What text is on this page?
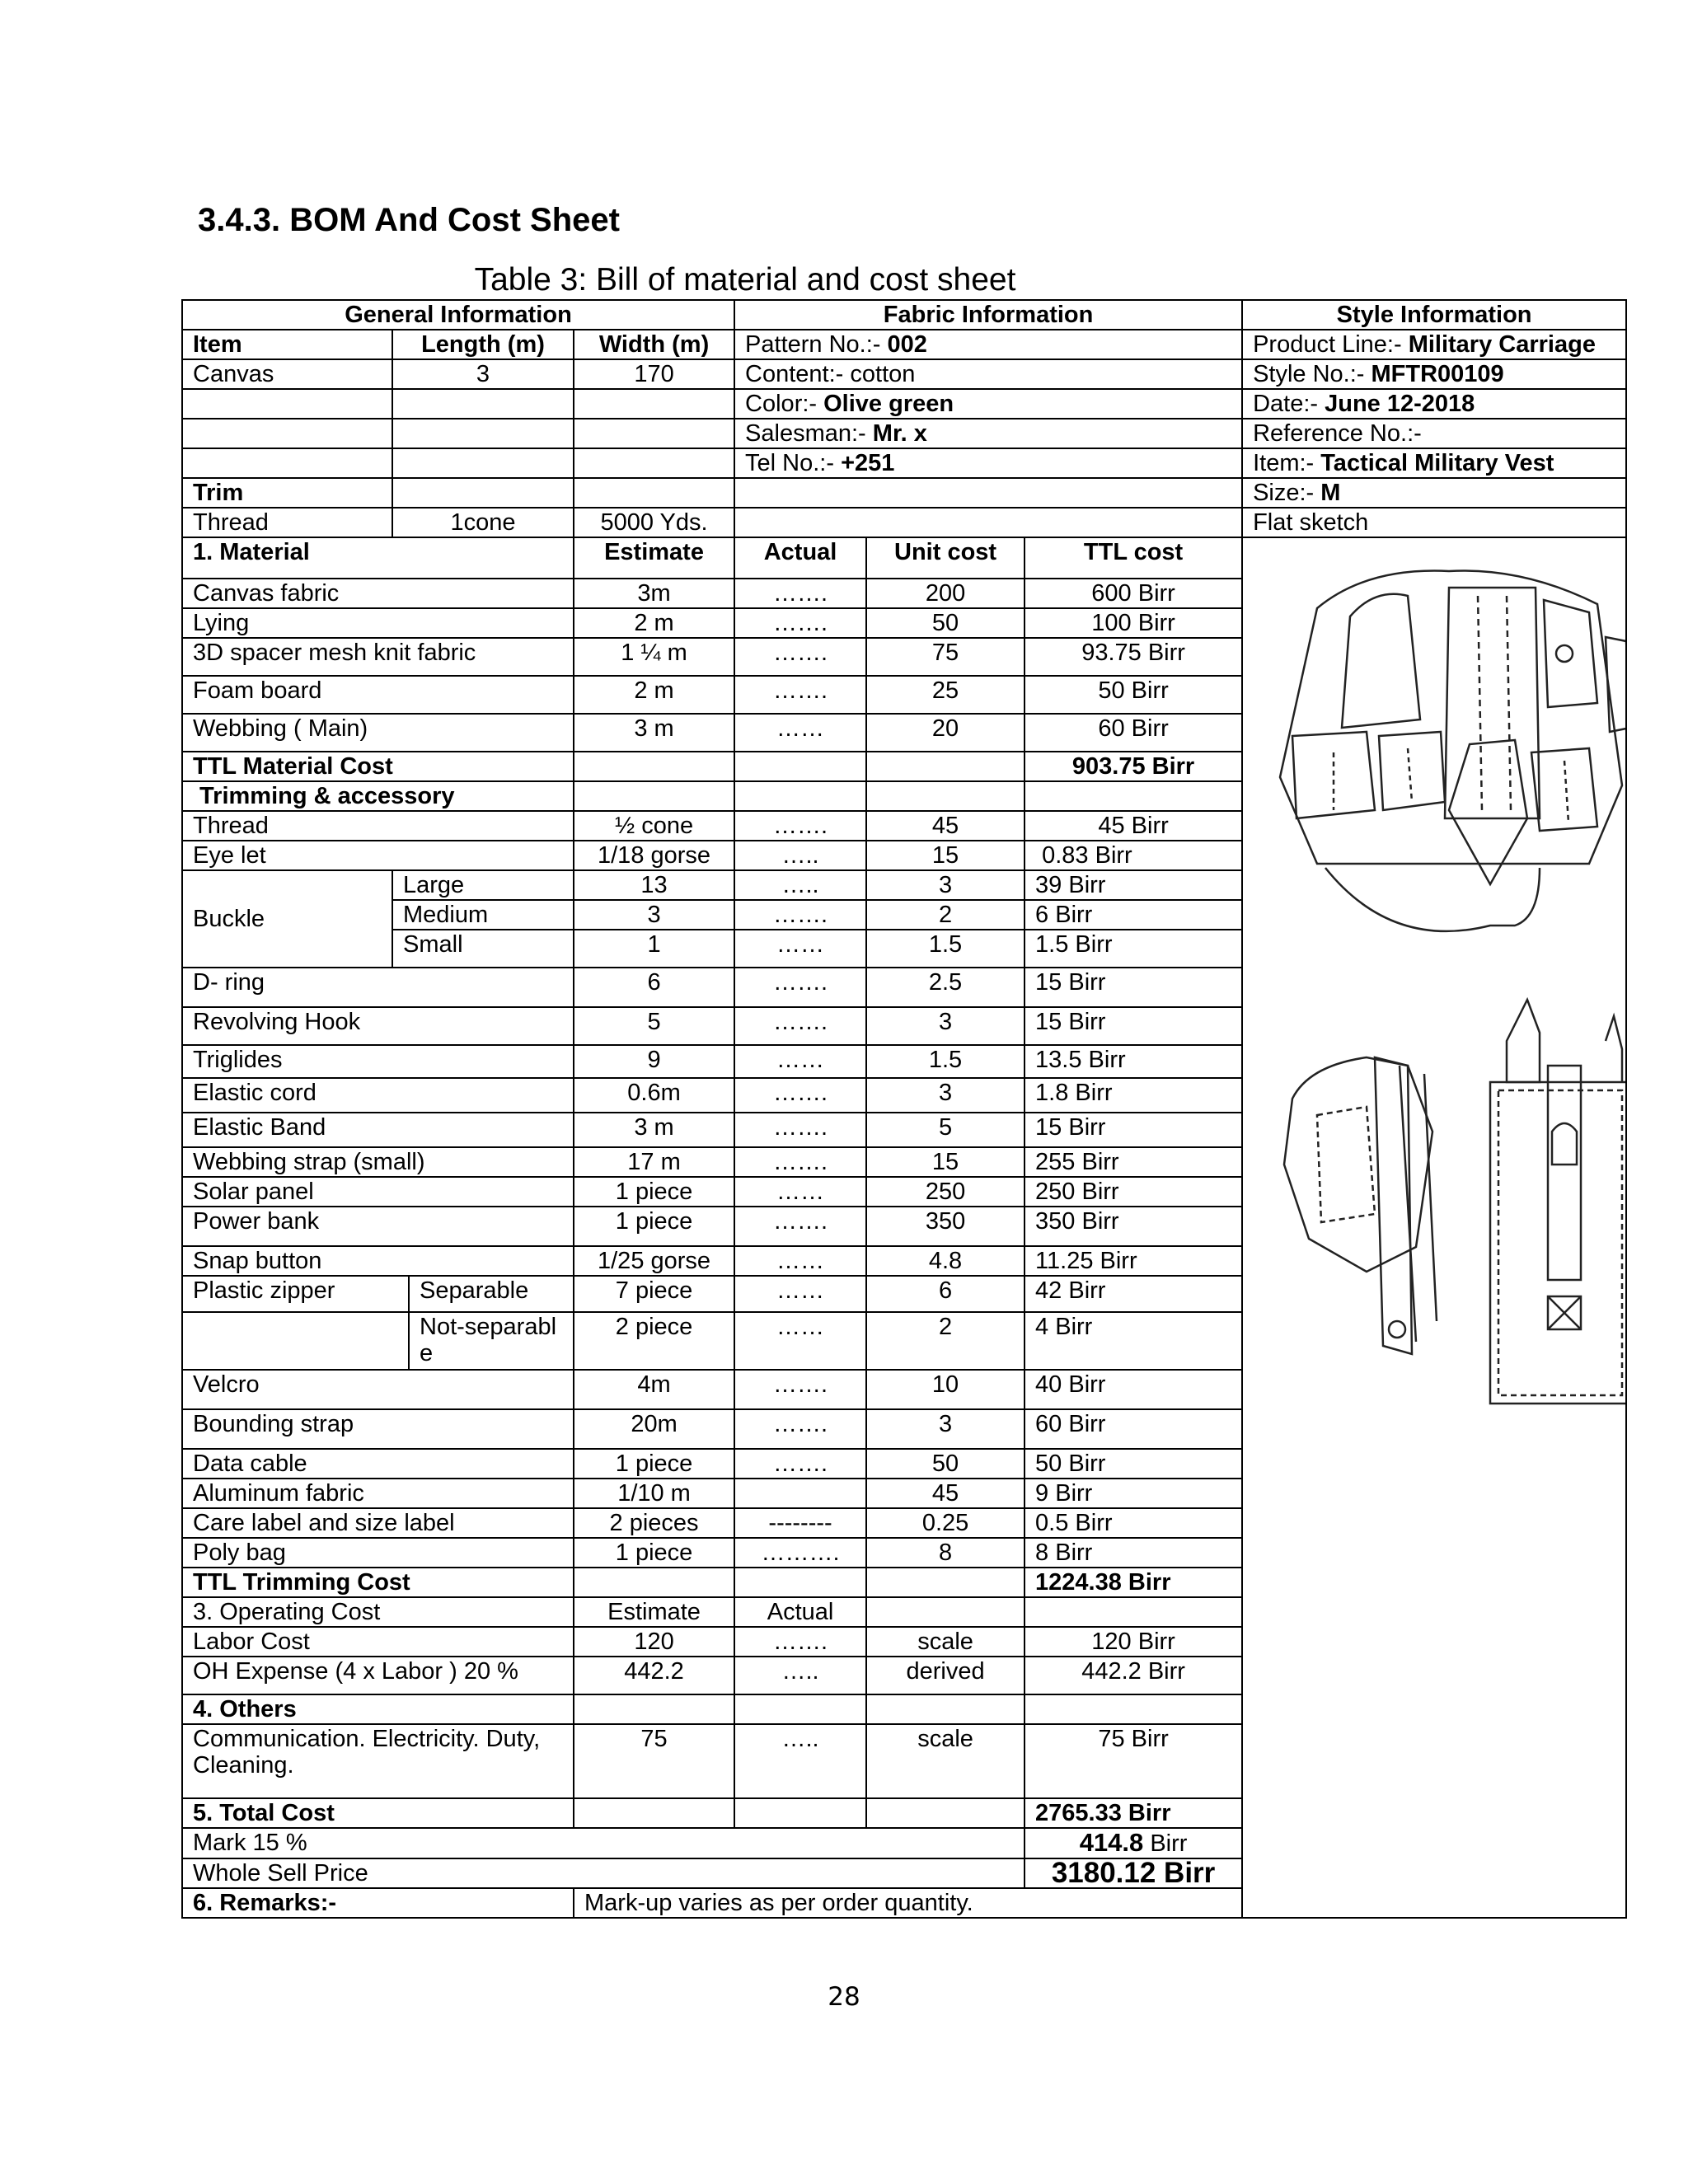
3.4.3. BOM And Cost Sheet
Table 3: Bill of material and cost sheet
General Information				Fabric Information			Style Information	
Item	Length (m)		Width (m)	Pattern No.:- 002			Product Line:- Military Carriage	
Canvas	3		170	Content:- cotton			Style No.:- MFTR00109	
				Color:- Olive green			Date:- June 12-2018	
				Salesman:- Mr. x			Reference No.:-	
				Tel No.:- +251			Item:- Tactical Military Vest	
Trim							Size:- M	
Thread	1cone		5000 Yds.				Flat sketch	
1. Material			Estimate	Actual	Unit cost	TTL cost	

Canvas fabric			3m	…….	200	600 Birr		
Lying			2 m	…….	50	100 Birr		
3D spacer mesh knit fabric			1 ¼ m	…….	75	93.75 Birr		
Foam board			2 m	…….	25	50 Birr		
Webbing ( Main)			3 m	……	20	60 Birr		
TTL Material Cost						903.75 Birr		
Trimming & accessory								
Thread			½ cone	…….	45	45 Birr		
Eye let			1/18 gorse	…..	15	0.83 Birr		
Buckle	Large		13	…..	3	39 Birr		
	Medium		3	…….	2	6 Birr		
	Small		1	……	1.5	1.5 Birr		
D- ring			6	…….	2.5	15 Birr		
Revolving Hook			5	…….	3	15 Birr		
Triglides			9	……	1.5	13.5 Birr		
Elastic cord			0.6m	…….	3	1.8 Birr		
Elastic Band			3 m	…….	5	15 Birr		
Webbing strap (small)			17 m	…….	15	255 Birr		
Solar panel			1 piece	……	250	250 Birr		
Power bank			1 piece	…….	350	350 Birr		
Snap button			1/25 gorse	……	4.8	11.25 Birr		
Plastic zipper		Separable	7 piece	……	6	42 Birr		
		Not-separable	2 piece	……	2	4 Birr		
Velcro			4m	…….	10	40 Birr		
Bounding strap			20m	…….	3	60 Birr		
Data cable			1 piece	…….	50	50 Birr		
Aluminum fabric			1/10 m		45	9 Birr		
Care label and size label			2 pieces	--------	0.25	0.5 Birr		
Poly bag			1 piece	……….	8	8 Birr		
TTL Trimming Cost						1224.38 Birr		
3. Operating Cost			Estimate	Actual				
Labor Cost			120	…….	scale	120 Birr		
OH Expense (4 x Labor ) 20 %			442.2	…..	derived	442.2 Birr		
4. Others								
Communication. Electricity. Duty, Cleaning.			75	…..	scale	75 Birr		
5. Total Cost						2765.33 Birr		
Mark 15 %						414.8 Birr		
Whole Sell Price						3180.12 Birr		
6. Remarks:-			Mark-up varies as per order quantity.					
28
